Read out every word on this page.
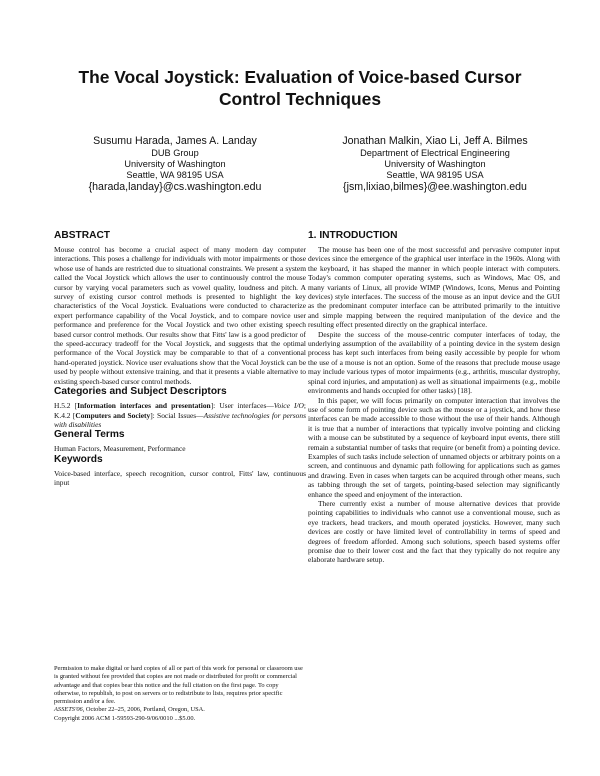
The Vocal Joystick: Evaluation of Voice-based Cursor
Control Techniques
Susumu Harada, James A. Landay
DUB Group
University of Washington
Seattle, WA 98195 USA
{harada,landay}@cs.washington.edu
Jonathan Malkin, Xiao Li, Jeff A. Bilmes
Department of Electrical Engineering
University of Washington
Seattle, WA 98195 USA
{jsm,lixiao,bilmes}@ee.washington.edu
ABSTRACT

Mouse control has become a crucial aspect of many modern day computer interactions. This poses a challenge for individuals with motor impairments or those whose use of hands are restricted due to situational constraints. We present a system called the Vocal Joystick which allows the user to continuously control the mouse cursor by varying vocal parameters such as vowel quality, loudness and pitch. A survey of existing cursor control methods is presented to highlight the key characteristics of the Vocal Joystick. Evaluations were conducted to characterize expert performance capability of the Vocal Joystick, and to compare novice user performance and preference for the Vocal Joystick and two other existing speech based cursor control methods. Our results show that Fitts' law is a good predictor of the speed-accuracy tradeoff for the Vocal Joystick, and suggests that the optimal performance of the Vocal Joystick may be comparable to that of a conventional hand-operated joystick. Novice user evaluations show that the Vocal Joystick can be used by people without extensive training, and that it presents a viable alternative to existing speech-based cursor control methods.

Categories and Subject Descriptors

H.5.2 [Information interfaces and presentation]: User interfaces—Voice I/O; K.4.2 [Computers and Society]: Social Issues—Assistive technologies for persons with disabilities

General Terms

Human Factors, Measurement, Performance

Keywords

Voice-based interface, speech recognition, cursor control, Fitts' law, continuous input

Permission to make digital or hard copies of all or part of this work for personal or classroom use is granted without fee provided that copies are not made or distributed for profit or commercial advantage and that copies bear this notice and the full citation on the first page. To copy otherwise, to republish, to post on servers or to redistribute to lists, requires prior specific permission and/or a fee.

ASSETS'06, October 22–25, 2006, Portland, Oregon, USA.

Copyright 2006 ACM 1-59593-290-9/06/0010 ...$5.00.

1. INTRODUCTION

The mouse has been one of the most successful and pervasive computer input devices since the emergence of the graphical user interface in the 1960s. Along with the keyboard, it has shaped the manner in which people interact with computers. Today's common computer operating systems, such as Windows, Mac OS, and many variants of Linux, all provide WIMP (Windows, Icons, Menus and Pointing devices) style interfaces. The success of the mouse as an input device and the GUI as the predominant computer interface can be attributed primarily to the intuitive and simple mapping between the required manipulation of the device and the resulting effect presented directly on the graphical interface.

Despite the success of the mouse-centric computer interfaces of today, the underlying assumption of the availability of a pointing device in the system design process has kept such interfaces from being easily accessible by people for whom the use of a mouse is not an option. Some of the reasons that preclude mouse usage may include various types of motor impairments (e.g., arthritis, muscular dystrophy, spinal cord injuries, and amputation) as well as situational impairments (e.g., mobile environments and hands occupied for other tasks) [18].

In this paper, we will focus primarily on computer interaction that involves the use of some form of pointing device such as the mouse or a joystick, and how these interfaces can be made accessible to those without the use of their hands. Although it is true that a number of interactions that typically involve pointing and clicking with a mouse can be substituted by a sequence of keyboard input events, there still remain a substantial number of tasks that require (or benefit from) a pointing device. Examples of such tasks include selection of unnamed objects or arbitrary points on a screen, and continuous and dynamic path following for applications such as games and drawing. Even in cases when targets can be acquired through other means, such as tabbing through the set of targets, pointing-based selection may significantly enhance the speed and enjoyment of the interaction.

There currently exist a number of mouse alternative devices that provide pointing capabilities to individuals who cannot use a conventional mouse, such as eye trackers, head trackers, and mouth operated joysticks. However, many such devices are costly or have limited level of controllability in terms of speed and degrees of freedom afforded. Among such solutions, speech based systems offer promise due to their lower cost and the fact that they typically do not require any elaborate hardware setup.
